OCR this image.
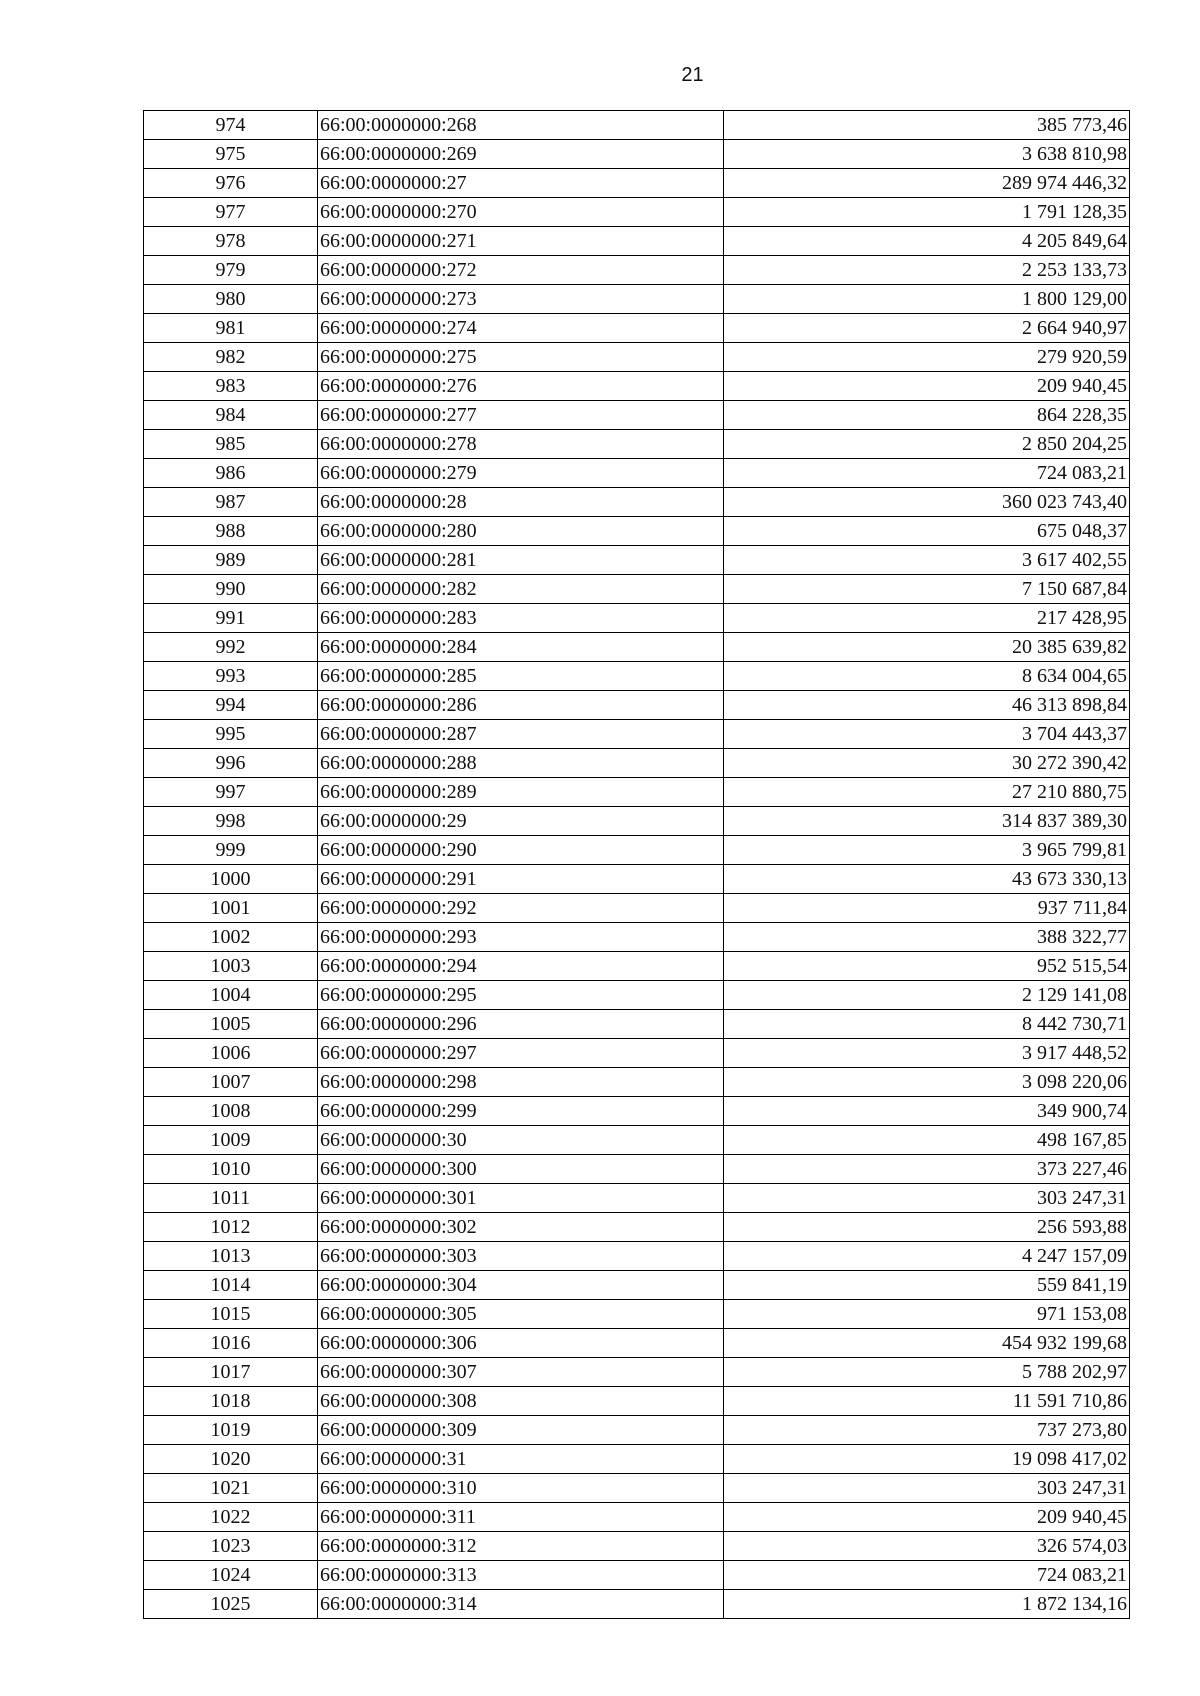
21
974	66:00:0000000:268	385 773,46
975	66:00:0000000:269	3 638 810,98
976	66:00:0000000:27	289 974 446,32
977	66:00:0000000:270	1 791 128,35
978	66:00:0000000:271	4 205 849,64
979	66:00:0000000:272	2 253 133,73
980	66:00:0000000:273	1 800 129,00
981	66:00:0000000:274	2 664 940,97
982	66:00:0000000:275	279 920,59
983	66:00:0000000:276	209 940,45
984	66:00:0000000:277	864 228,35
985	66:00:0000000:278	2 850 204,25
986	66:00:0000000:279	724 083,21
987	66:00:0000000:28	360 023 743,40
988	66:00:0000000:280	675 048,37
989	66:00:0000000:281	3 617 402,55
990	66:00:0000000:282	7 150 687,84
991	66:00:0000000:283	217 428,95
992	66:00:0000000:284	20 385 639,82
993	66:00:0000000:285	8 634 004,65
994	66:00:0000000:286	46 313 898,84
995	66:00:0000000:287	3 704 443,37
996	66:00:0000000:288	30 272 390,42
997	66:00:0000000:289	27 210 880,75
998	66:00:0000000:29	314 837 389,30
999	66:00:0000000:290	3 965 799,81
1000	66:00:0000000:291	43 673 330,13
1001	66:00:0000000:292	937 711,84
1002	66:00:0000000:293	388 322,77
1003	66:00:0000000:294	952 515,54
1004	66:00:0000000:295	2 129 141,08
1005	66:00:0000000:296	8 442 730,71
1006	66:00:0000000:297	3 917 448,52
1007	66:00:0000000:298	3 098 220,06
1008	66:00:0000000:299	349 900,74
1009	66:00:0000000:30	498 167,85
1010	66:00:0000000:300	373 227,46
1011	66:00:0000000:301	303 247,31
1012	66:00:0000000:302	256 593,88
1013	66:00:0000000:303	4 247 157,09
1014	66:00:0000000:304	559 841,19
1015	66:00:0000000:305	971 153,08
1016	66:00:0000000:306	454 932 199,68
1017	66:00:0000000:307	5 788 202,97
1018	66:00:0000000:308	11 591 710,86
1019	66:00:0000000:309	737 273,80
1020	66:00:0000000:31	19 098 417,02
1021	66:00:0000000:310	303 247,31
1022	66:00:0000000:311	209 940,45
1023	66:00:0000000:312	326 574,03
1024	66:00:0000000:313	724 083,21
1025	66:00:0000000:314	1 872 134,16
